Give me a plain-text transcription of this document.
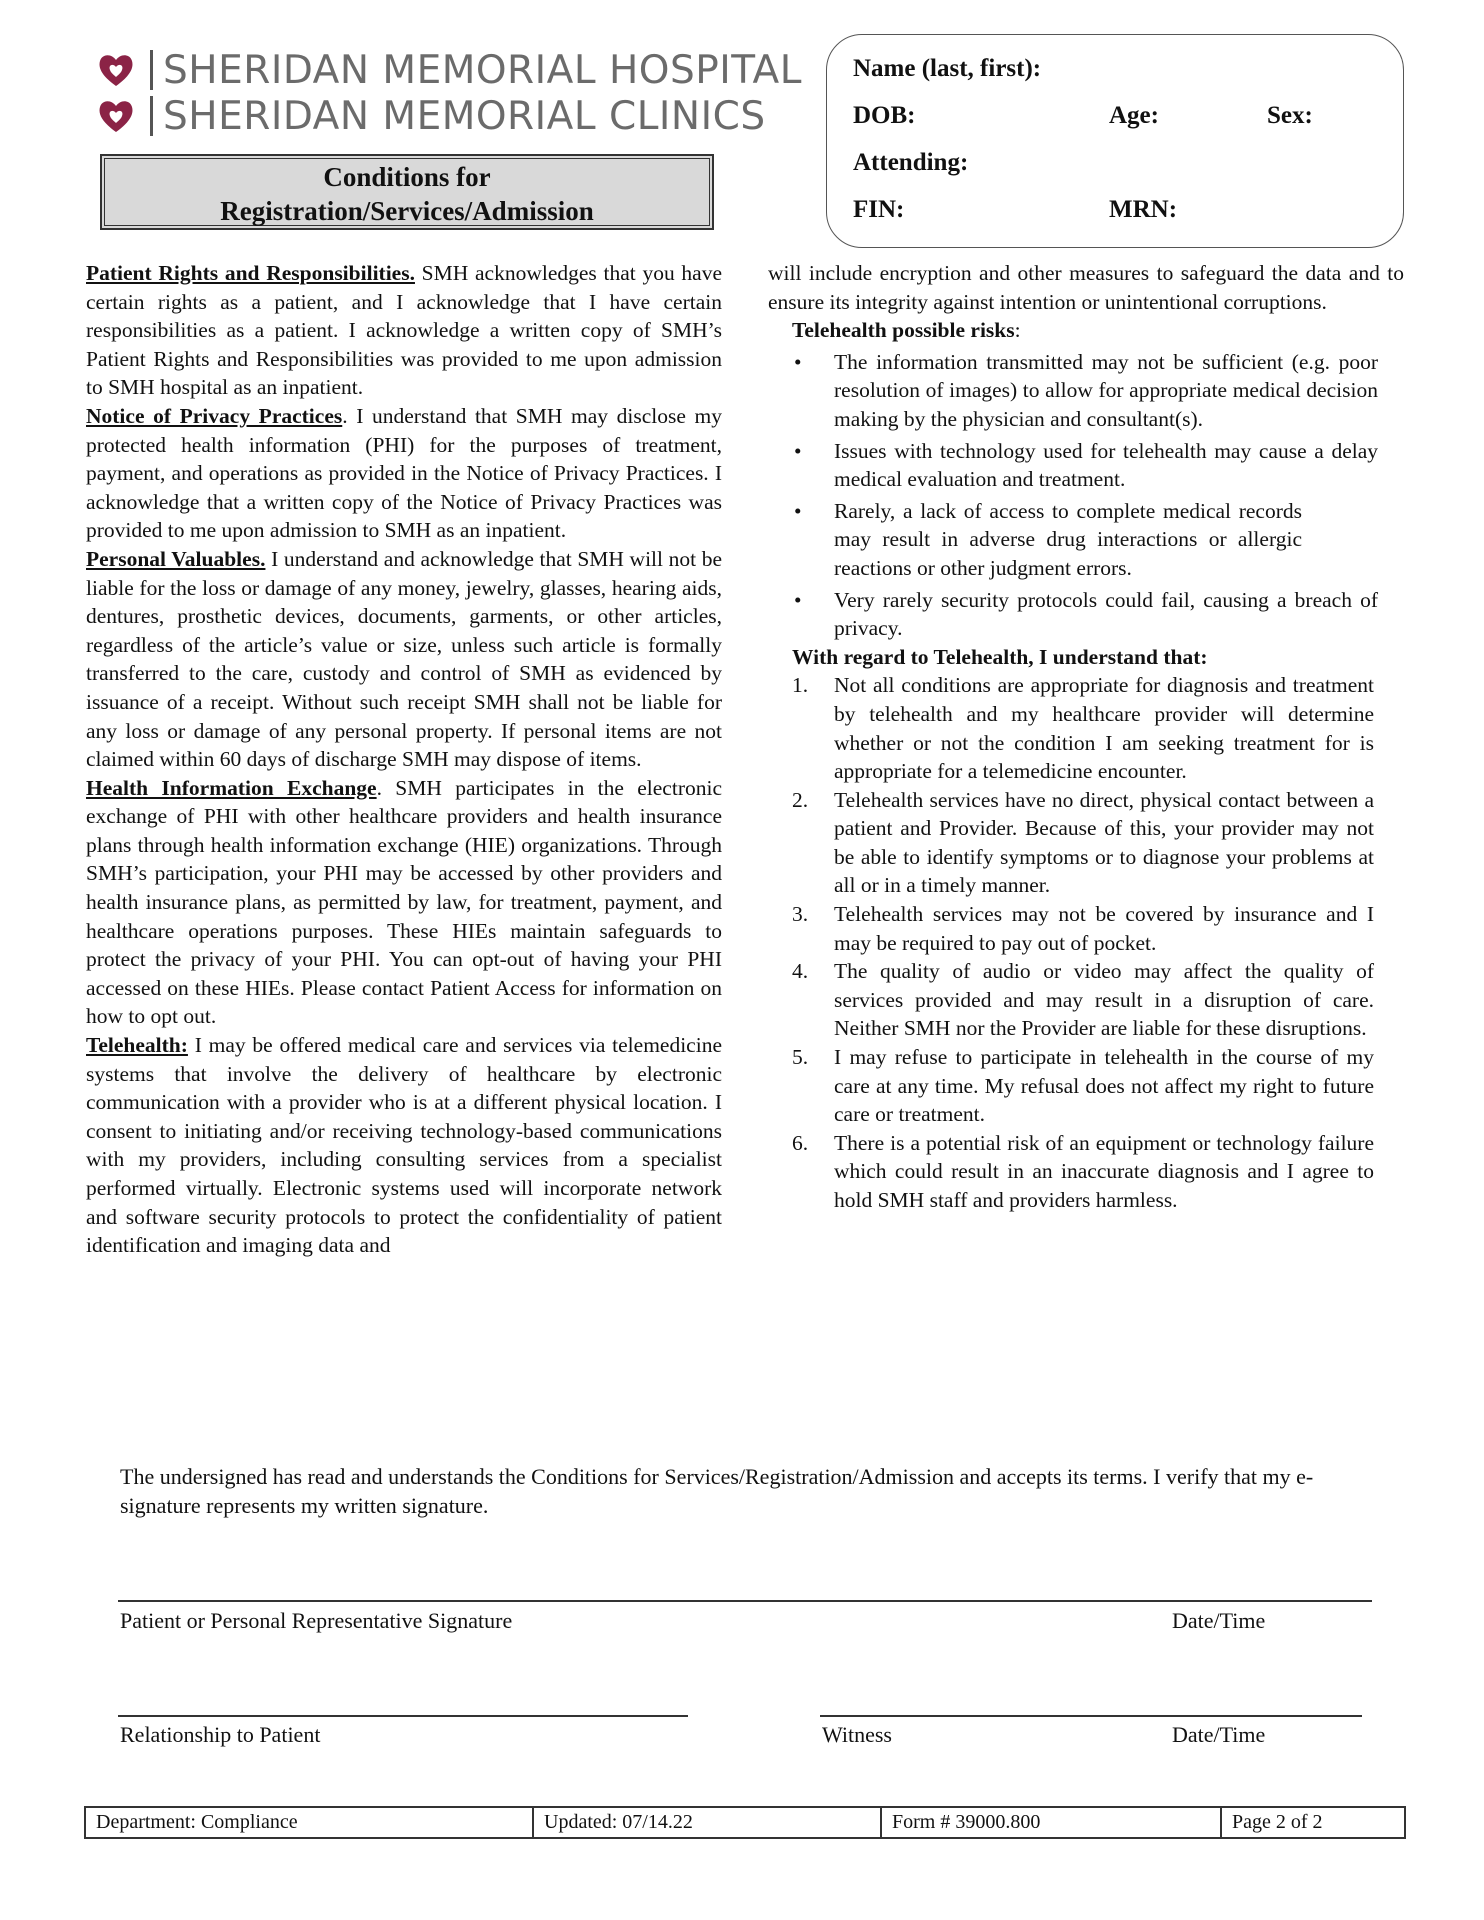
SHERIDAN MEMORIAL HOSPITAL
SHERIDAN MEMORIAL CLINICS
Conditions for
Registration/Services/Admission
Name (last, first):
DOB:	Age:	Sex:
Attending:
FIN:	MRN:

Patient Rights and Responsibilities. SMH acknowledges that you have certain rights as a patient, and I acknowledge that I have certain responsibilities as a patient. I acknowledge a written copy of SMH’s Patient Rights and Responsibilities was provided to me upon admission to SMH hospital as an inpatient.

Notice of Privacy Practices. I understand that SMH may disclose my protected health information (PHI) for the purposes of treatment, payment, and operations as provided in the Notice of Privacy Practices. I acknowledge that a written copy of the Notice of Privacy Practices was provided to me upon admission to SMH as an inpatient.

Personal Valuables. I understand and acknowledge that SMH will not be liable for the loss or damage of any money, jewelry, glasses, hearing aids, dentures, prosthetic devices, documents, garments, or other articles, regardless of the article’s value or size, unless such article is formally transferred to the care, custody and control of SMH as evidenced by issuance of a receipt. Without such receipt SMH shall not be liable for any loss or damage of any personal property. If personal items are not claimed within 60 days of discharge SMH may dispose of items.

Health Information Exchange. SMH participates in the electronic exchange of PHI with other healthcare providers and health insurance plans through health information exchange (HIE) organizations. Through SMH’s participation, your PHI may be accessed by other providers and health insurance plans, as permitted by law, for treatment, payment, and healthcare operations purposes. These HIEs maintain safeguards to protect the privacy of your PHI. You can opt-out of having your PHI accessed on these HIEs. Please contact Patient Access for information on how to opt out.

Telehealth: I may be offered medical care and services via telemedicine systems that involve the delivery of healthcare by electronic communication with a provider who is at a different physical location. I consent to initiating and/or receiving technology-based communications with my providers, including consulting services from a specialist performed virtually. Electronic systems used will incorporate network and software security protocols to protect the confidentiality of patient identification and imaging data and

will include encryption and other measures to safeguard the data and to ensure its integrity against intention or unintentional corruptions.

Telehealth possible risks:
• The information transmitted may not be sufficient (e.g. poor resolution of images) to allow for appropriate medical decision making by the physician and consultant(s).
• Issues with technology used for telehealth may cause a delay medical evaluation and treatment.
• Rarely, a lack of access to complete medical records may result in adverse drug interactions or allergic reactions or other judgment errors.
• Very rarely security protocols could fail, causing a breach of privacy.
With regard to Telehealth, I understand that:
1. Not all conditions are appropriate for diagnosis and treatment by telehealth and my healthcare provider will determine whether or not the condition I am seeking treatment for is appropriate for a telemedicine encounter.
2. Telehealth services have no direct, physical contact between a patient and Provider. Because of this, your provider may not be able to identify symptoms or to diagnose your problems at all or in a timely manner.
3. Telehealth services may not be covered by insurance and I may be required to pay out of pocket.
4. The quality of audio or video may affect the quality of services provided and may result in a disruption of care. Neither SMH nor the Provider are liable for these disruptions.
5. I may refuse to participate in telehealth in the course of my care at any time. My refusal does not affect my right to future care or treatment.
6. There is a potential risk of an equipment or technology failure which could result in an inaccurate diagnosis and I agree to hold SMH staff and providers harmless.

The undersigned has read and understands the Conditions for Services/Registration/Admission and accepts its terms. I verify that my e-signature represents my written signature.

Patient or Personal Representative Signature	Date/Time
Relationship to Patient	Witness	Date/Time
Department: Compliance	Updated: 07/14.22	Form # 39000.800	Page 2 of 2
